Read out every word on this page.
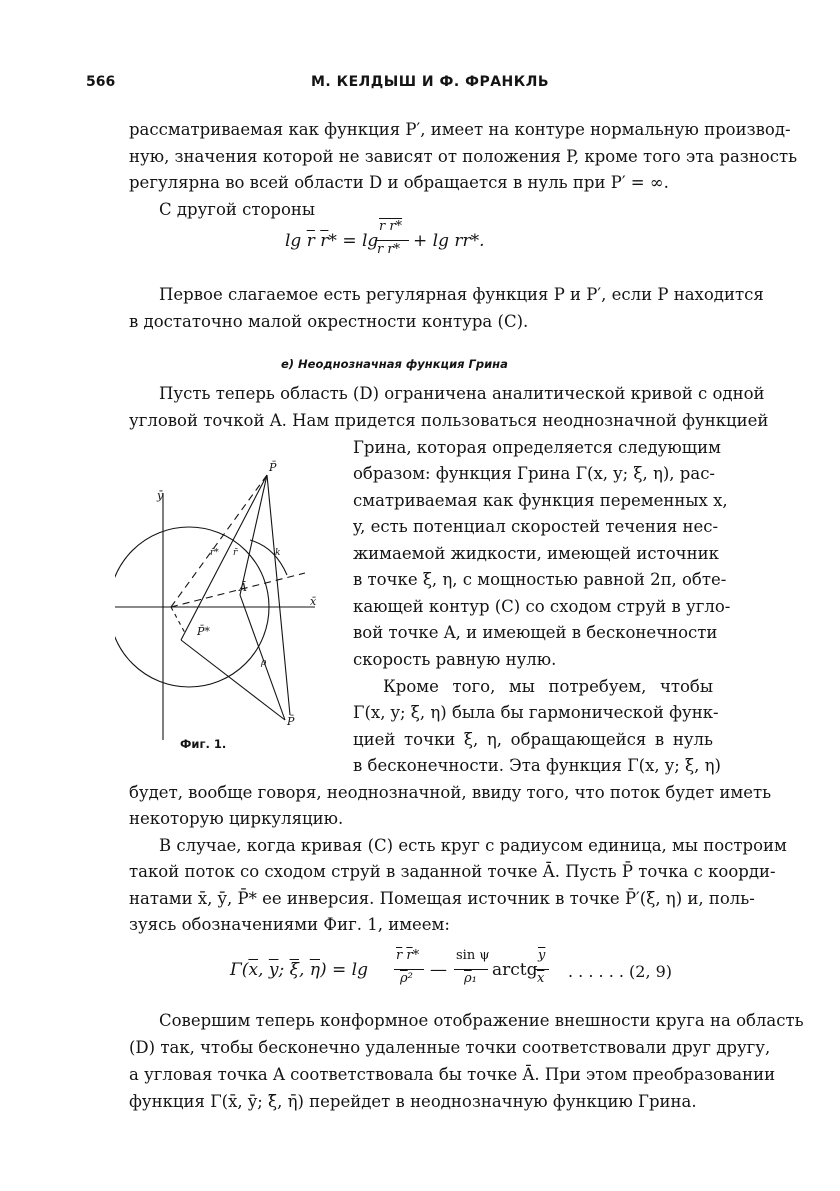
566	М. КЕЛДЫШ И Ф. ФРАНКЛЬ
рассматриваемая как функция P′, имеет на контуре нормальную производ-
ную, значения которой не зависят от положения P, кроме того эта разность
регулярна во всей области D и обращается в нуль при P′ = ∞.
С другой стороны
$\lg \overline{r}$ $\overline{r}* = \lg$
r r*
r r* + lg rr*.
Первое слагаемое есть регулярная функция P и P′, если P находится
в достаточно малой окрестности контура (C).
e) Неоднозначная функция Грина
Пусть теперь область (D) ограничена аналитической кривой с одной
угловой точкой A. Нам придется пользоваться неоднозначной функцией
Грина, которая определяется следующим
образом: функция Грина Γ(x, y; ξ, η), рас-
сматриваемая как функция переменных x,
y, есть потенциал скоростей течения нес-
жимаемой жидкости, имеющей источник
в точке ξ, η, с мощностью равной 2π, обте-
кающей контур (C) со сходом струй в угло-
вой точке A, и имеющей в бесконечности
скорость равную нулю.
Кроме того, мы потребуем, чтобы
Γ(x, y; ξ, η) была бы гармонической функ-
цией точки ξ, η, обращающейся в нуль
в бесконечности. Эта функция Γ(x, y; ξ, η)
P̄
P̄
P̄*
Ā
x̄
ȳ
r̄* r̄	k
ρ
Фиг. 1.
будет, вообще говоря, неоднозначной, ввиду того, что поток будет иметь
некоторую циркуляцию.
В случае, когда кривая (C) есть круг с радиусом единица, мы построим
такой поток со сходом струй в заданной точке Ā. Пусть P̄ точка с коорди-
натами x̄, ȳ, P̄* ее инверсия. Помещая источник в точке P̄′(ξ, η) и, поль-
зуясь обозначениями Фиг. 1, имеем:
$\Gamma(\overline{x}$, $\overline{y}$; $\overline{\xi}$, $\overline{\eta}) = \lg$
$\overline{r}$ $\overline{r}*$
$\overline{\rho}^2$ —
sin ψ
$\overline{\rho}_1$ arctg
$\overline{y}$
$\overline{x}$ . . . . . . (2, 9)
Совершим теперь конформное отображение внешности круга на область
(D) так, чтобы бесконечно удаленные точки соответствовали друг другу,
а угловая точка A соответствовала бы точке Ā. При этом преобразовании
функция Γ(x̄, ȳ; ξ̄, η̄) перейдет в неоднозначную функцию Грина.
